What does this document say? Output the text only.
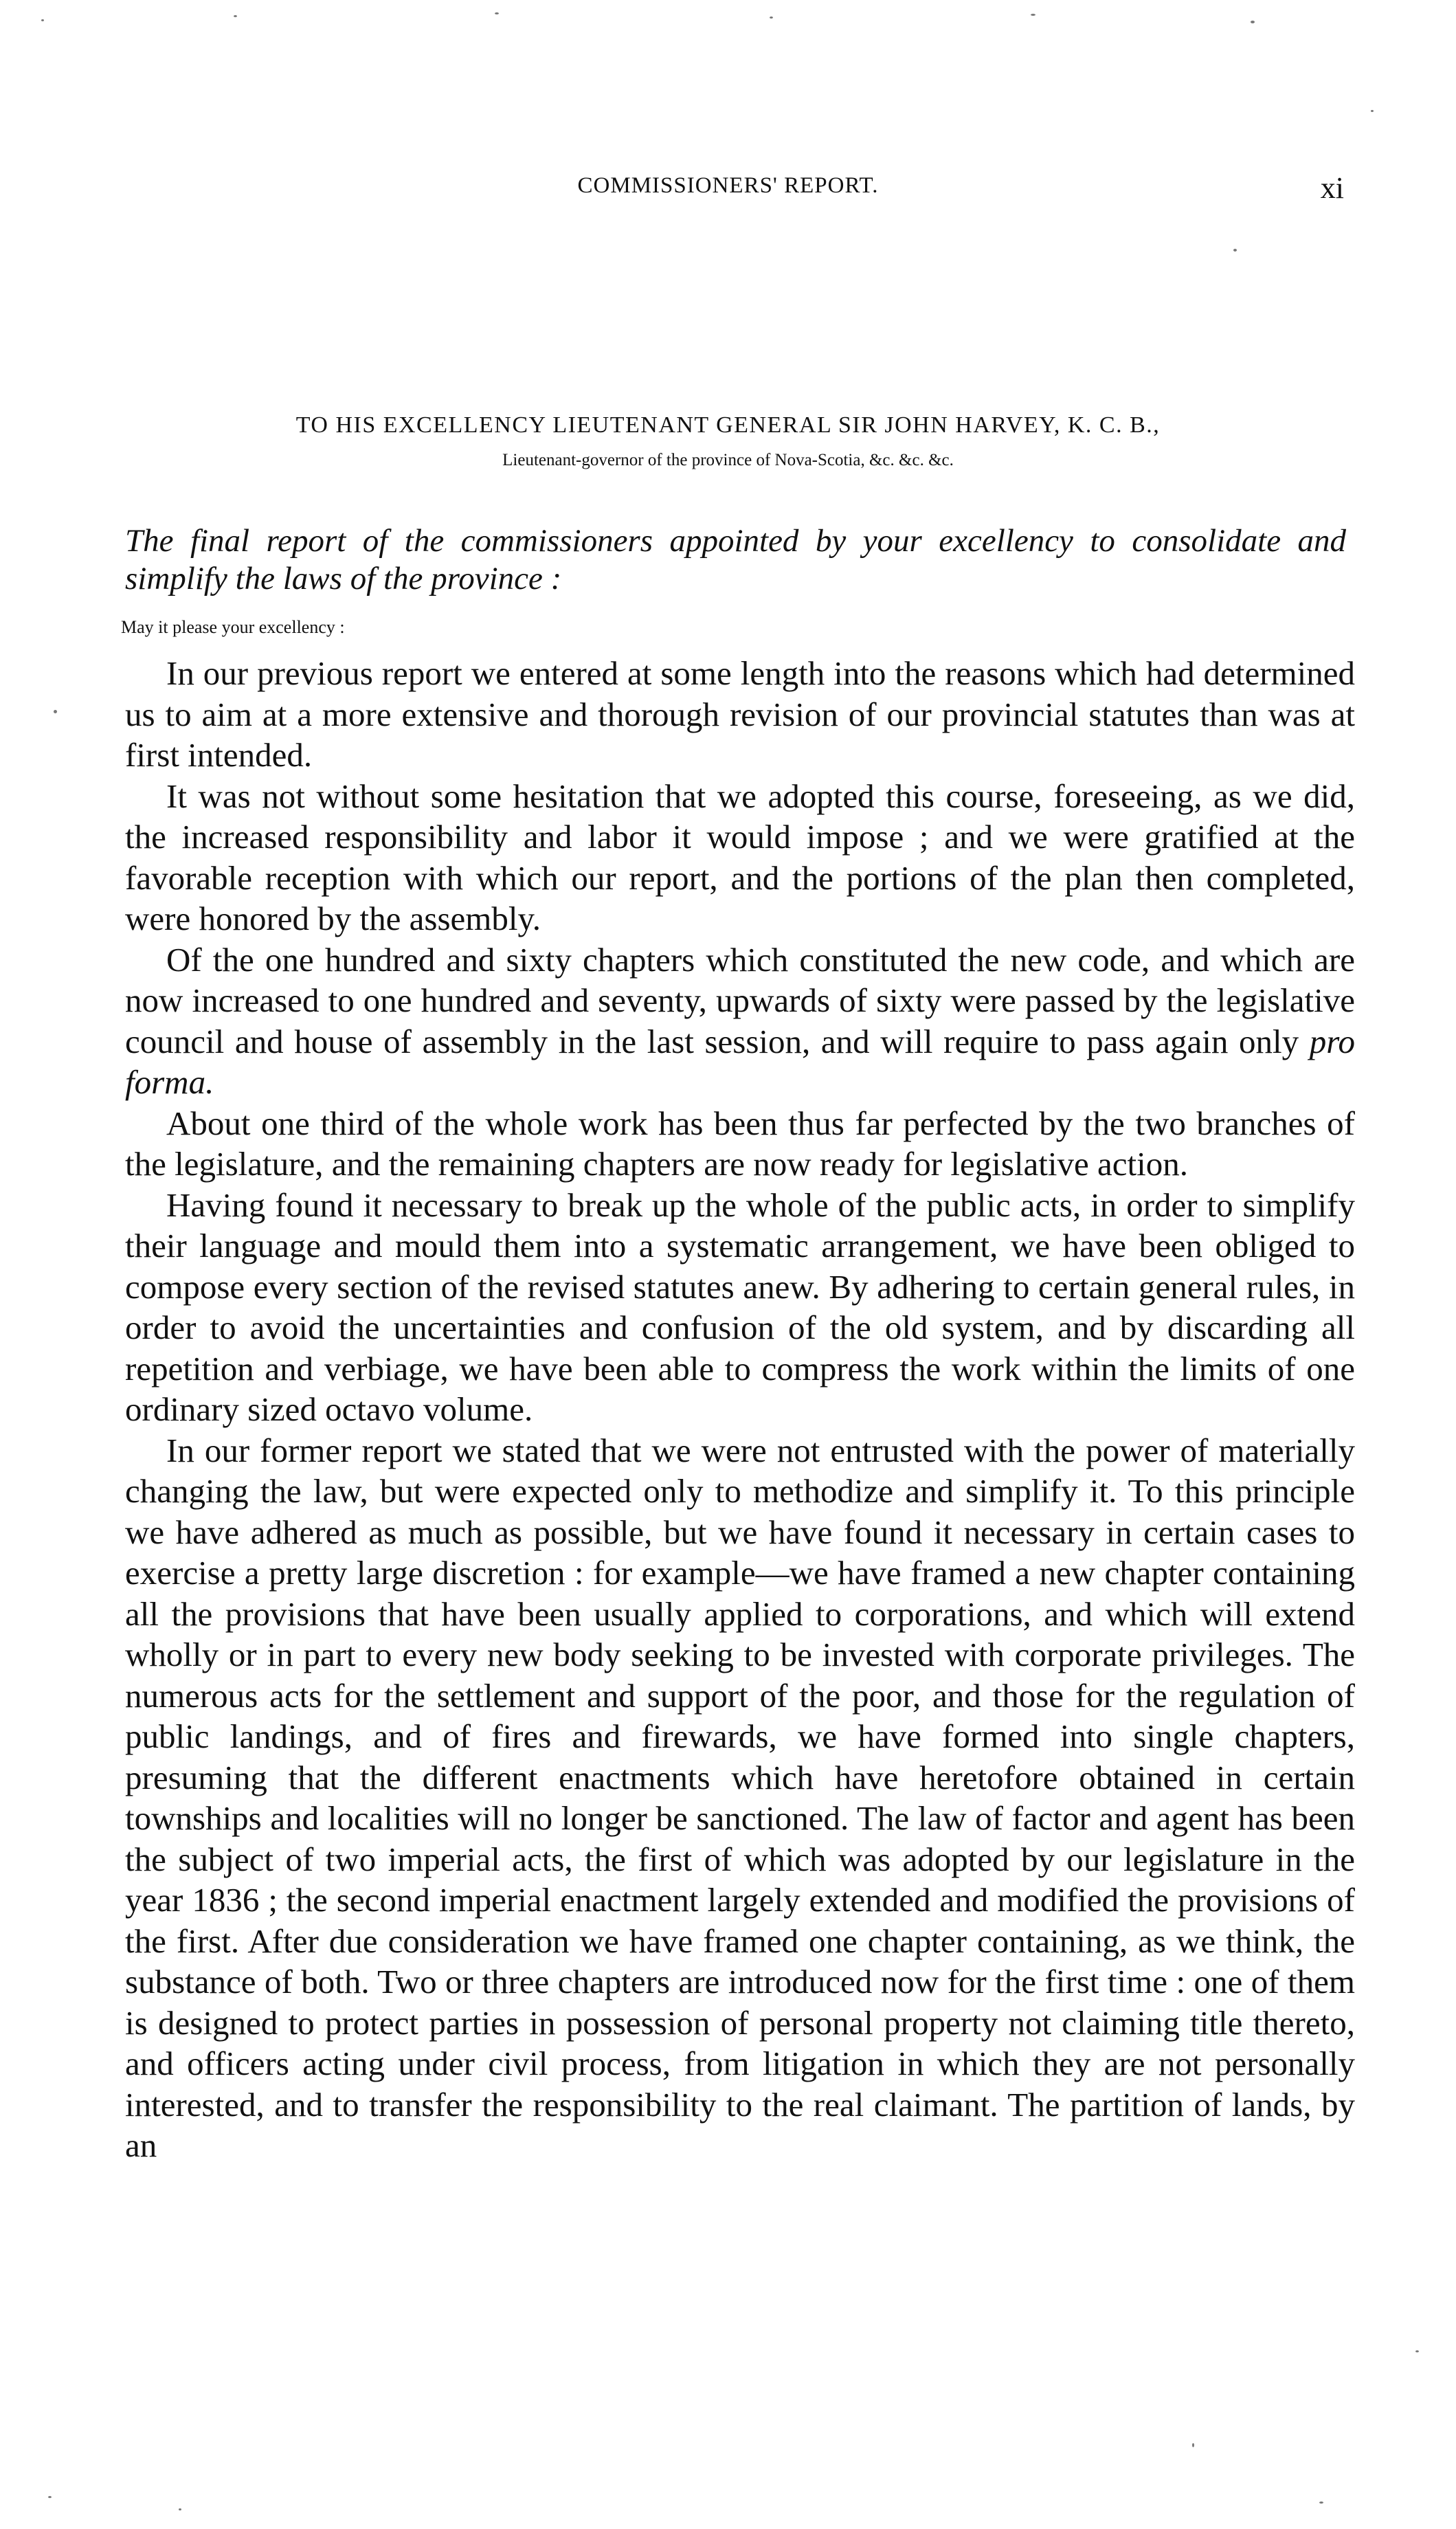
COMMISSIONERS' REPORT.	xi

TO HIS EXCELLENCY LIEUTENANT GENERAL SIR JOHN HARVEY, K. C. B.,

Lieutenant-governor of the province of Nova-Scotia, &c. &c. &c.

The final report of the commissioners appointed by your excellency to consolidate and simplify the laws of the province :

May it please your excellency :

In our previous report we entered at some length into the reasons which had determined us to aim at a more extensive and thorough revision of our provincial statutes than was at first intended.

It was not without some hesitation that we adopted this course, foreseeing, as we did, the increased responsibility and labor it would impose ; and we were gratified at the favorable reception with which our report, and the portions of the plan then completed, were honored by the assembly.

Of the one hundred and sixty chapters which constituted the new code, and which are now increased to one hundred and seventy, upwards of sixty were passed by the legislative council and house of assembly in the last session, and will require to pass again only pro forma.

About one third of the whole work has been thus far perfected by the two branches of the legislature, and the remaining chapters are now ready for legislative action.

Having found it necessary to break up the whole of the public acts, in order to simplify their language and mould them into a systematic arrangement, we have been obliged to compose every section of the revised statutes anew. By adhering to certain general rules, in order to avoid the uncertainties and confusion of the old system, and by discarding all repetition and verbiage, we have been able to compress the work within the limits of one ordinary sized octavo volume.

In our former report we stated that we were not entrusted with the power of materially changing the law, but were expected only to methodize and simplify it. To this principle we have adhered as much as possible, but we have found it necessary in certain cases to exercise a pretty large discretion : for example—we have framed a new chapter containing all the provisions that have been usually applied to corporations, and which will extend wholly or in part to every new body seeking to be invested with corporate privileges. The numerous acts for the settlement and support of the poor, and those for the regulation of public landings, and of fires and firewards, we have formed into single chapters, presuming that the different enactments which have heretofore obtained in certain townships and localities will no longer be sanctioned. The law of factor and agent has been the subject of two imperial acts, the first of which was adopted by our legislature in the year 1836 ; the second imperial enactment largely extended and modified the provisions of the first. After due consideration we have framed one chapter containing, as we think, the substance of both. Two or three chapters are introduced now for the first time : one of them is designed to protect parties in possession of personal property not claiming title thereto, and officers acting under civil process, from litigation in which they are not personally interested, and to transfer the responsibility to the real claimant. The partition of lands, by an
